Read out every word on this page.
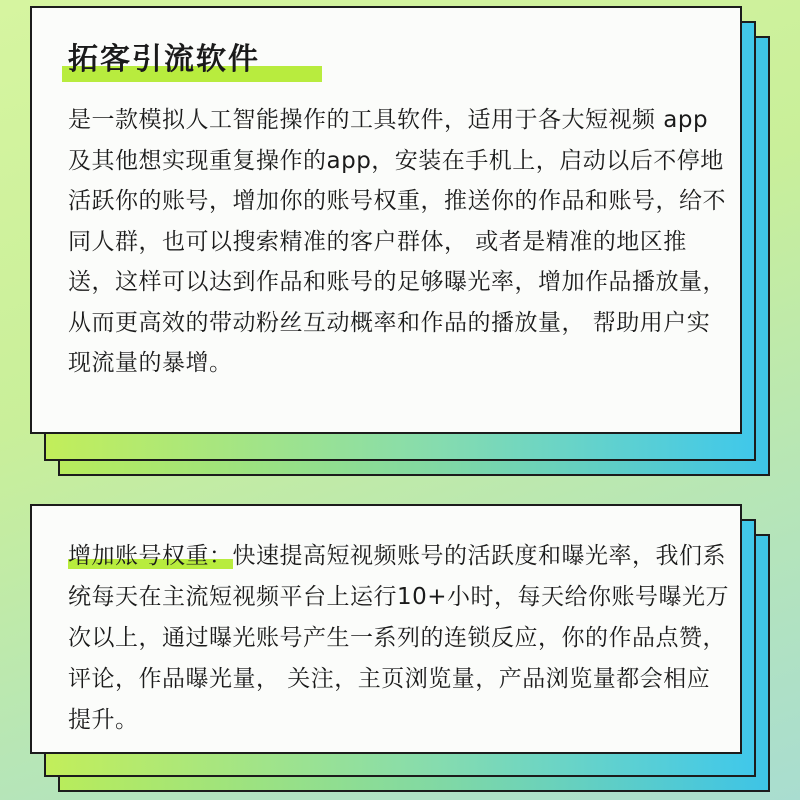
拓客引流软件
是一款模拟人工智能操作的工具软件，适用于各大短视频 app及其他想实现重复操作的app，安装在手机上，启动以后不停地活跃你的账号，增加你的账号权重，推送你的作品和账号，给不同人群，也可以搜索精准的客户群体， 或者是精准的地区推送，这样可以达到作品和账号的足够曝光率，增加作品播放量，从而更高效的带动粉丝互动概率和作品的播放量， 帮助用户实现流量的暴增。
增加账号权重：快速提高短视频账号的活跃度和曝光率，我们系统每天在主流短视频平台上运行10+小时，每天给你账号曝光万次以上，通过曝光账号产生一系列的连锁反应，你的作品点赞，评论，作品曝光量， 关注，主页浏览量，产品浏览量都会相应提升。
